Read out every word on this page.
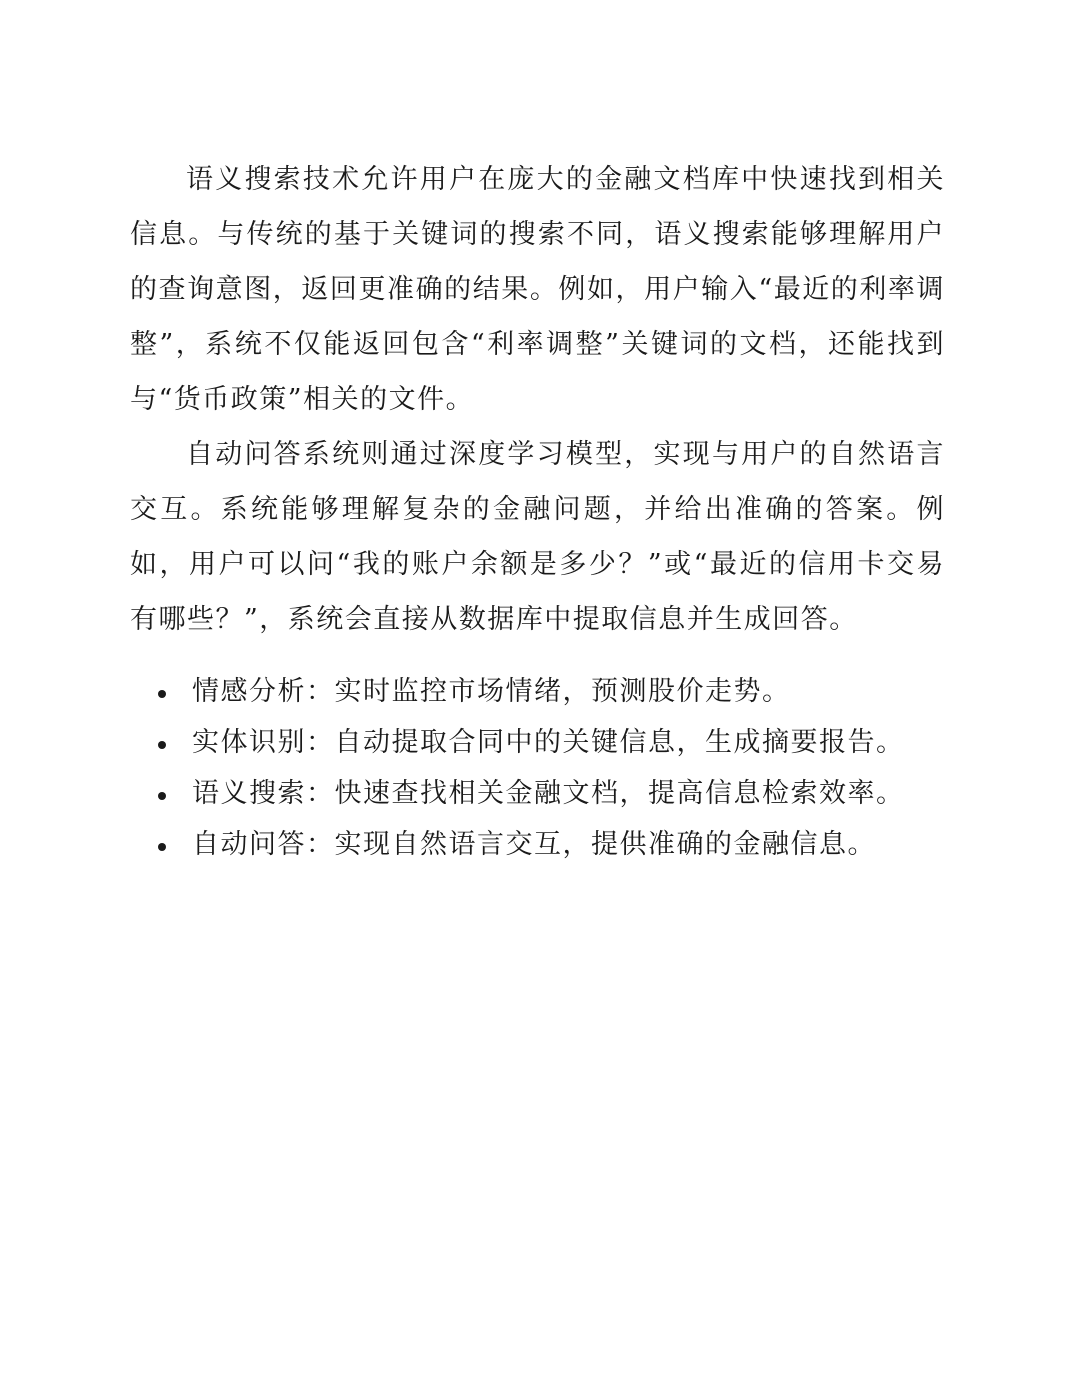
语义搜索技术允许用户在庞大的金融文档库中快速找到相关信息。与传统的基于关键词的搜索不同，语义搜索能够理解用户的查询意图，返回更准确的结果。例如，用户输入“最近的利率调整”，系统不仅能返回包含“利率调整”关键词的文档，还能找到与“货币政策”相关的文件。

自动问答系统则通过深度学习模型，实现与用户的自然语言交互。系统能够理解复杂的金融问题，并给出准确的答案。例如，用户可以问“我的账户余额是多少？”或“最近的信用卡交易有哪些？”，系统会直接从数据库中提取信息并生成回答。

情感分析：实时监控市场情绪，预测股价走势。
实体识别：自动提取合同中的关键信息，生成摘要报告。
语义搜索：快速查找相关金融文档，提高信息检索效率。
自动问答：实现自然语言交互，提供准确的金融信息。
